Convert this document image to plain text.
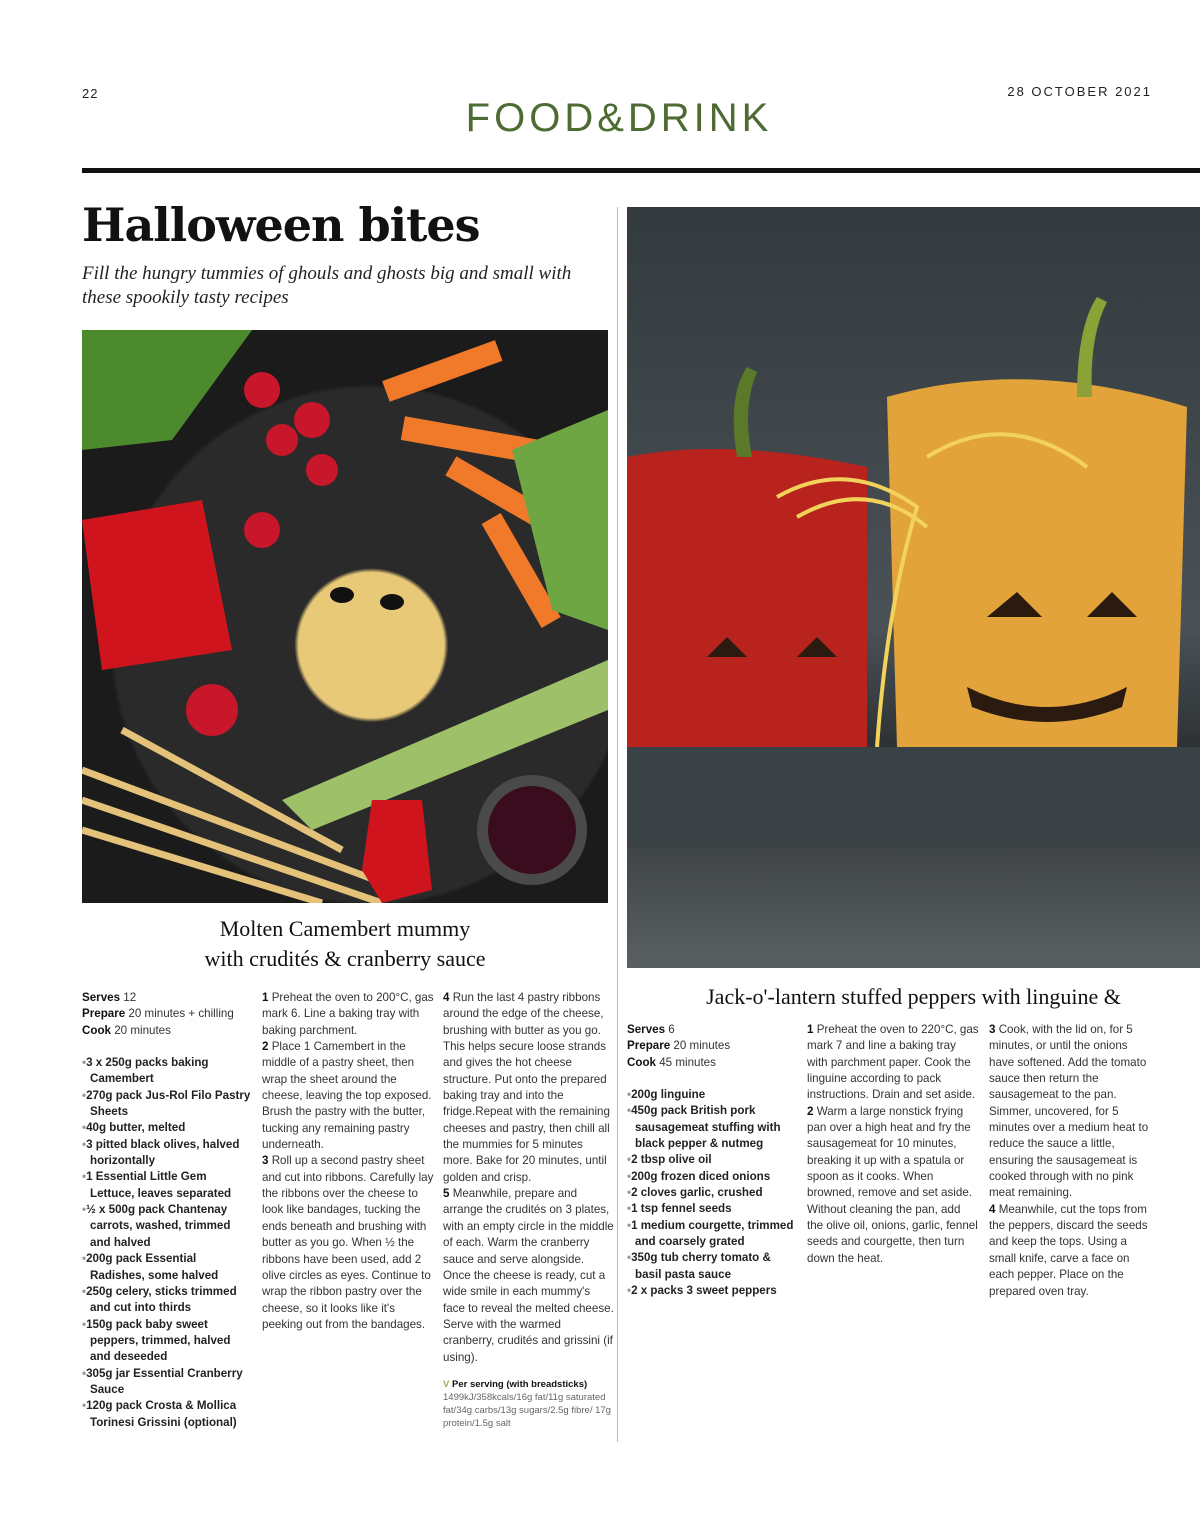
22	28 OCTOBER 2021
FOOD&DRINK
Halloween bites

Fill the hungry tummies of ghouls and ghosts big and small with these spookily tasty recipes

Molten Camembert mummy
with crudités & cranberry sauce
Jack-o'-lantern stuffed peppers with linguine &
Serves 12
Prepare 20 minutes + chilling
Cook 20 minutes
• 3 x 250g packs baking Camembert
• 270g pack Jus-Rol Filo Pastry Sheets
• 40g butter, melted
• 3 pitted black olives, halved horizontally
• 1 Essential Little Gem Lettuce, leaves separated
• ½ x 500g pack Chantenay carrots, washed, trimmed and halved
• 200g pack Essential Radishes, some halved
• 250g celery, sticks trimmed and cut into thirds
• 150g pack baby sweet peppers, trimmed, halved and deseeded
• 305g jar Essential Cranberry Sauce
• 120g pack Crosta & Mollica Torinesi Grissini (optional)

1 Preheat the oven to 200°C, gas mark 6. Line a baking tray with baking parchment.

2 Place 1 Camembert in the middle of a pastry sheet, then wrap the sheet around the cheese, leaving the top exposed. Brush the pastry with the butter, tucking any remaining pastry underneath.

3 Roll up a second pastry sheet and cut into ribbons. Carefully lay the ribbons over the cheese to look like bandages, tucking the ends beneath and brushing with butter as you go. When ½ the ribbons have been used, add 2 olive circles as eyes. Continue to wrap the ribbon pastry over the cheese, so it looks like it's peeking out from the bandages.

4 Run the last 4 pastry ribbons around the edge of the cheese, brushing with butter as you go. This helps secure loose strands and gives the hot cheese structure. Put onto the prepared baking tray and into the fridge.Repeat with the remaining cheeses and pastry, then chill all the mummies for 5 minutes more. Bake for 20 minutes, until golden and crisp.

5 Meanwhile, prepare and arrange the crudités on 3 plates, with an empty circle in the middle of each. Warm the cranberry sauce and serve alongside. Once the cheese is ready, cut a wide smile in each mummy's face to reveal the melted cheese. Serve with the warmed cranberry, crudités and grissini (if using).

V Per serving (with breadsticks) 1499kJ/358kcals/16g fat/11g saturated fat/34g carbs/13g sugars/2.5g fibre/ 17g protein/1.5g salt
Serves 6
Prepare 20 minutes
Cook 45 minutes
• 200g linguine
• 450g pack British pork sausagemeat stuffing with black pepper & nutmeg
• 2 tbsp olive oil
• 200g frozen diced onions
• 2 cloves garlic, crushed
• 1 tsp fennel seeds
• 1 medium courgette, trimmed and coarsely grated
• 350g tub cherry tomato & basil pasta sauce
• 2 x packs 3 sweet peppers

1 Preheat the oven to 220°C, gas mark 7 and line a baking tray with parchment paper. Cook the linguine according to pack instructions. Drain and set aside.

2 Warm a large nonstick frying pan over a high heat and fry the sausagemeat for 10 minutes, breaking it up with a spatula or spoon as it cooks. When browned, remove and set aside. Without cleaning the pan, add the olive oil, onions, garlic, fennel seeds and courgette, then turn down the heat.

3 Cook, with the lid on, for 5 minutes, or until the onions have softened. Add the tomato sauce then return the sausagemeat to the pan. Simmer, uncovered, for 5 minutes over a medium heat to reduce the sauce a little, ensuring the sausagemeat is cooked through with no pink meat remaining.

4 Meanwhile, cut the tops from the peppers, discard the seeds and keep the tops. Using a small knife, carve a face on each pepper. Place on the prepared oven tray.
